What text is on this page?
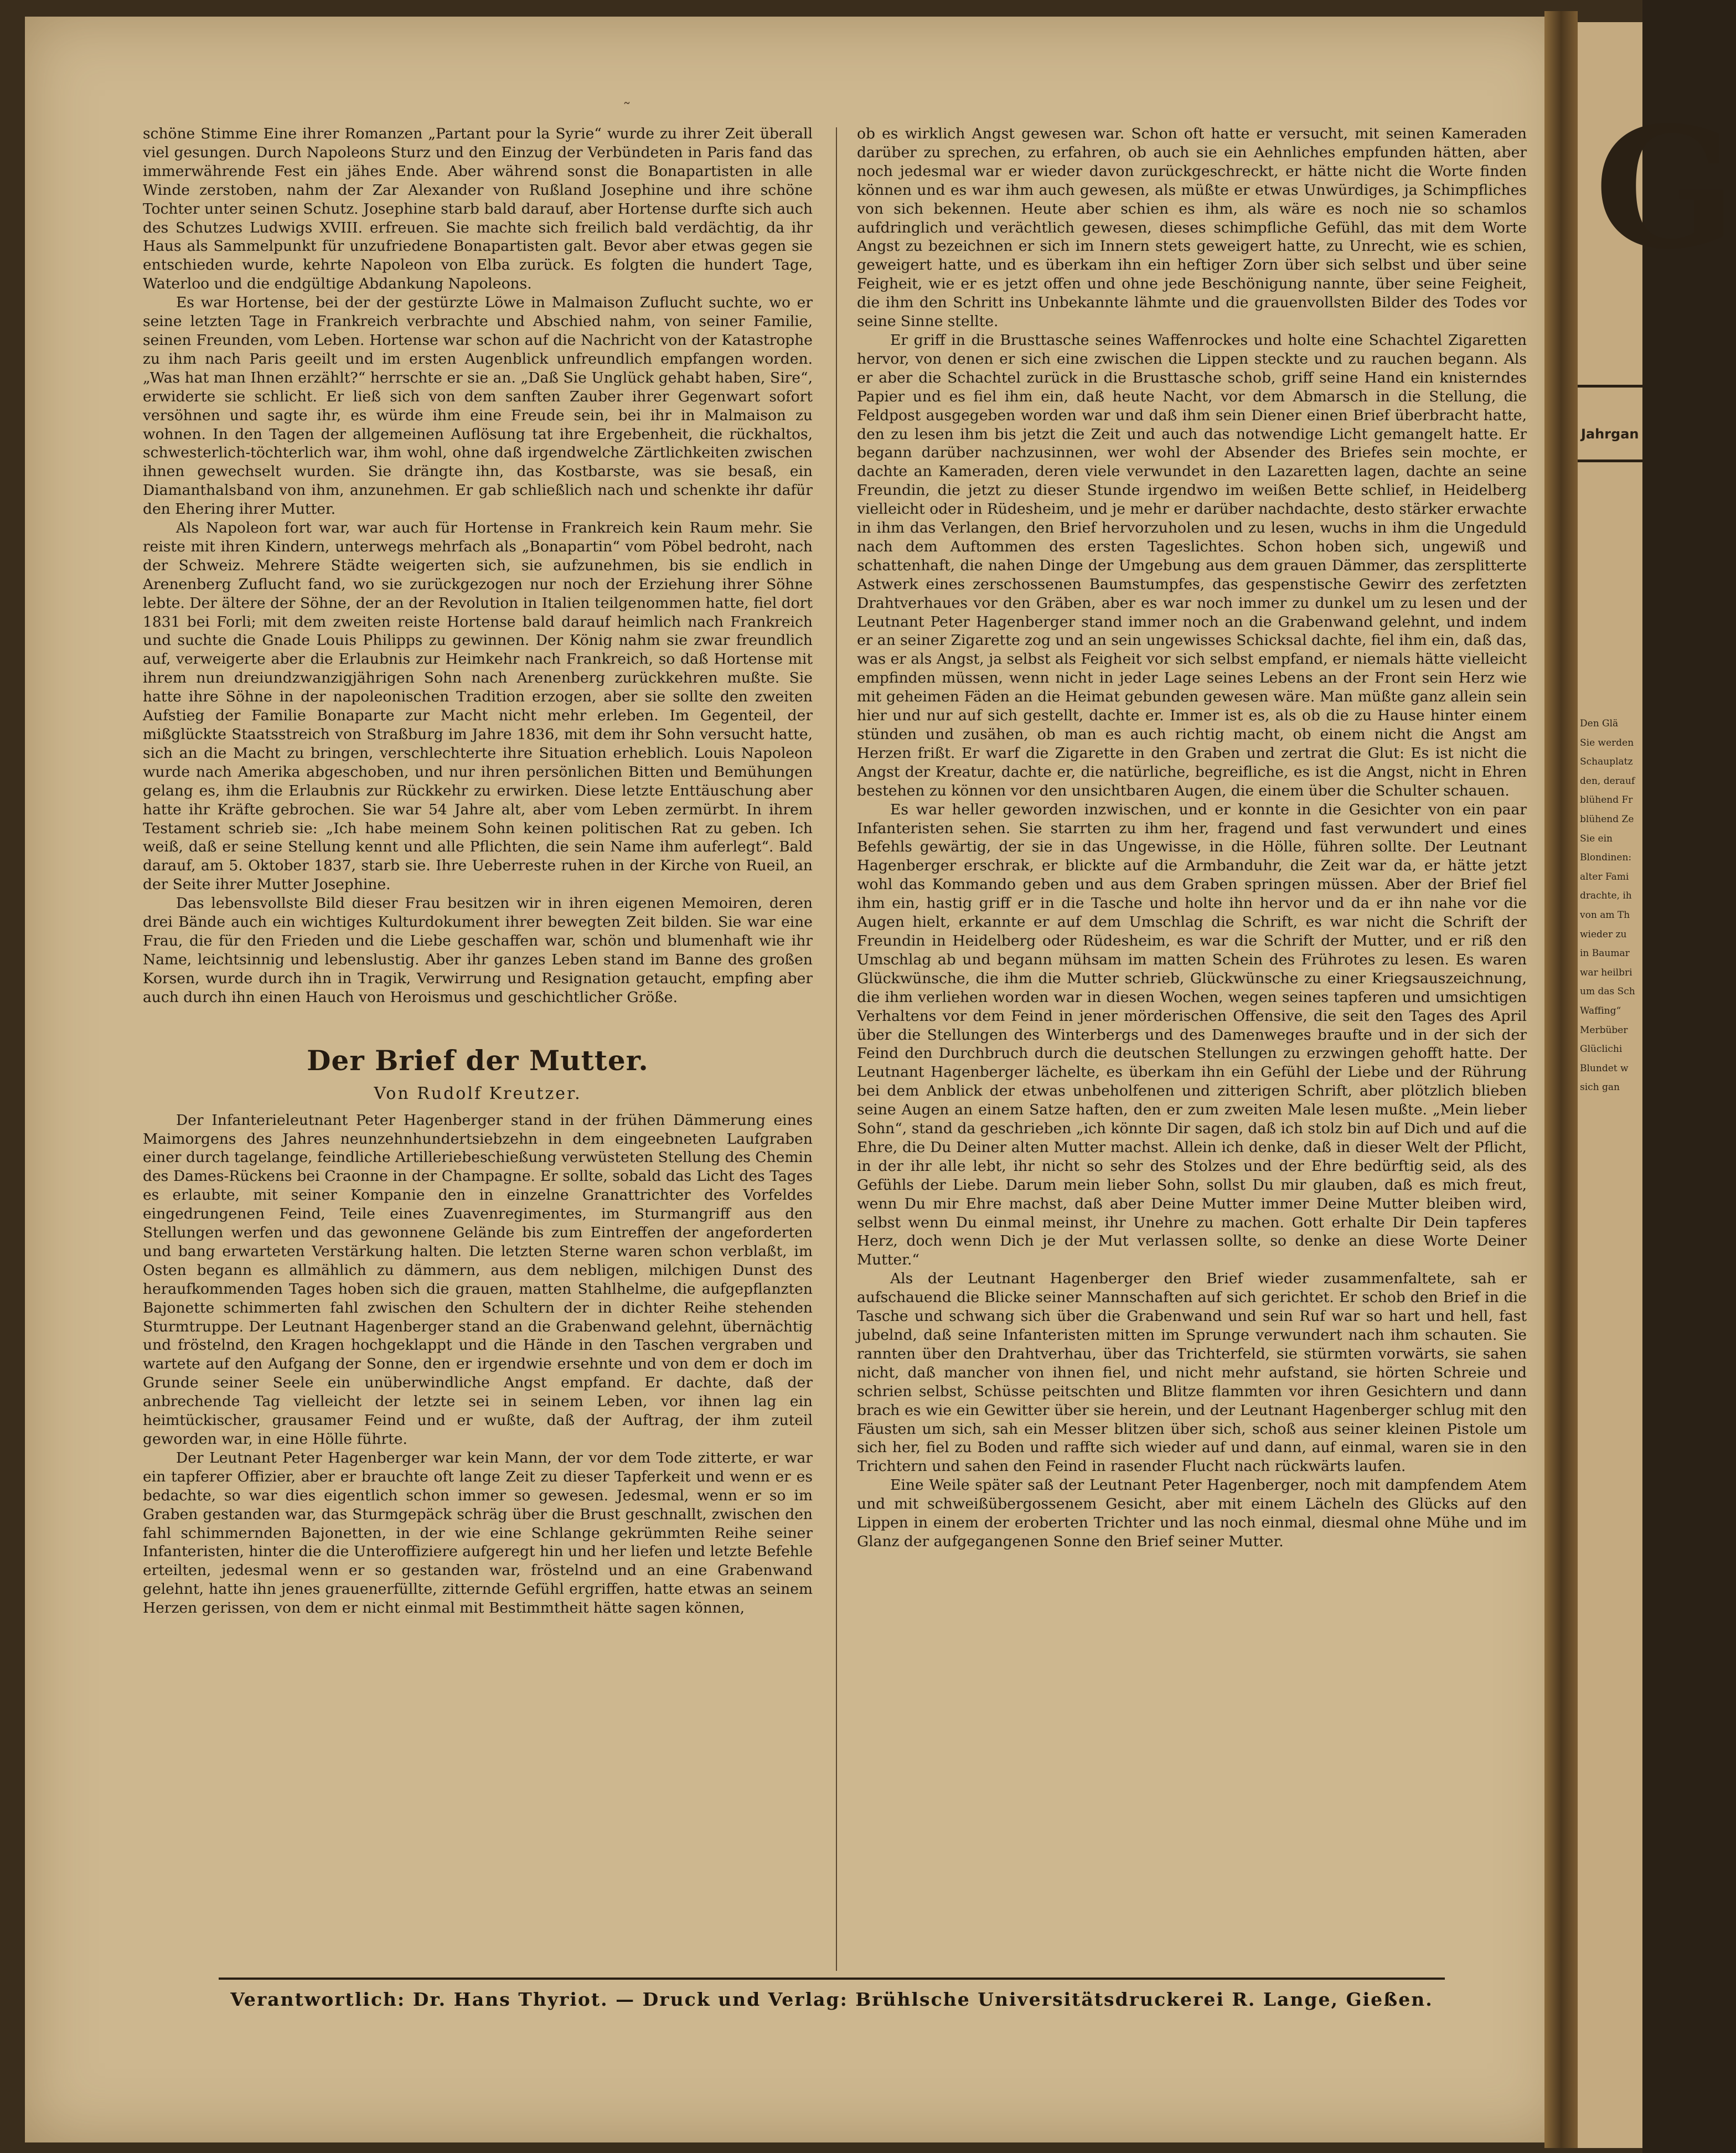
G
Jahrgan
Den Glä
Sie werden
Schauplatz
den, derauf
blühend Fr
blühend Ze
Sie ein
Blondinen:
alter Fami
drachte, ih
von am Th
wieder zu
in Baumar
war heilbri
um das Sch
Waffing“
Merbüber
Glüclichi
Blundet w
sich gan
˜

schöne Stimme Eine ihrer Romanzen „Partant pour la Syrie“ wurde zu ihrer Zeit überall viel gesungen. Durch Napoleons Sturz und den Einzug der Verbündeten in Paris fand das immerwährende Fest ein jähes Ende. Aber während sonst die Bonapartisten in alle Winde zerstoben, nahm der Zar Alexander von Rußland Josephine und ihre schöne Tochter unter seinen Schutz. Josephine starb bald darauf, aber Hortense durfte sich auch des Schutzes Ludwigs XVIII. erfreuen. Sie machte sich freilich bald verdächtig, da ihr Haus als Sammelpunkt für unzufriedene Bonapartisten galt. Bevor aber etwas gegen sie entschieden wurde, kehrte Napoleon von Elba zurück. Es folgten die hundert Tage, Waterloo und die endgültige Abdankung Napoleons.

Es war Hortense, bei der der gestürzte Löwe in Malmaison Zuflucht suchte, wo er seine letzten Tage in Frankreich verbrachte und Abschied nahm, von seiner Familie, seinen Freunden, vom Leben. Hortense war schon auf die Nachricht von der Katastrophe zu ihm nach Paris geeilt und im ersten Augenblick unfreundlich empfangen worden. „Was hat man Ihnen erzählt?“ herrschte er sie an. „Daß Sie Unglück gehabt haben, Sire“, erwiderte sie schlicht. Er ließ sich von dem sanften Zauber ihrer Gegenwart sofort versöhnen und sagte ihr, es würde ihm eine Freude sein, bei ihr in Malmaison zu wohnen. In den Tagen der allgemeinen Auflösung tat ihre Ergebenheit, die rückhaltos, schwesterlich-töchterlich war, ihm wohl, ohne daß irgendwelche Zärtlichkeiten zwischen ihnen gewechselt wurden. Sie drängte ihn, das Kostbarste, was sie besaß, ein Diamanthalsband von ihm, anzunehmen. Er gab schließlich nach und schenkte ihr dafür den Ehering ihrer Mutter.

Als Napoleon fort war, war auch für Hortense in Frankreich kein Raum mehr. Sie reiste mit ihren Kindern, unterwegs mehrfach als „Bonapartin“ vom Pöbel bedroht, nach der Schweiz. Mehrere Städte weigerten sich, sie aufzunehmen, bis sie endlich in Arenenberg Zuflucht fand, wo sie zurückgezogen nur noch der Erziehung ihrer Söhne lebte. Der ältere der Söhne, der an der Revolution in Italien teilgenommen hatte, fiel dort 1831 bei Forli; mit dem zweiten reiste Hortense bald darauf heimlich nach Frankreich und suchte die Gnade Louis Philipps zu gewinnen. Der König nahm sie zwar freundlich auf, verweigerte aber die Erlaubnis zur Heimkehr nach Frankreich, so daß Hortense mit ihrem nun dreiundzwanzigjährigen Sohn nach Arenenberg zurückkehren mußte. Sie hatte ihre Söhne in der napoleonischen Tradition erzogen, aber sie sollte den zweiten Aufstieg der Familie Bonaparte zur Macht nicht mehr erleben. Im Gegenteil, der mißglückte Staatsstreich von Straßburg im Jahre 1836, mit dem ihr Sohn versucht hatte, sich an die Macht zu bringen, verschlechterte ihre Situation erheblich. Louis Napoleon wurde nach Amerika abgeschoben, und nur ihren persönlichen Bitten und Bemühungen gelang es, ihm die Erlaubnis zur Rückkehr zu erwirken. Diese letzte Enttäuschung aber hatte ihr Kräfte gebrochen. Sie war 54 Jahre alt, aber vom Leben zermürbt. In ihrem Testament schrieb sie: „Ich habe meinem Sohn keinen politischen Rat zu geben. Ich weiß, daß er seine Stellung kennt und alle Pflichten, die sein Name ihm auferlegt“. Bald darauf, am 5. Oktober 1837, starb sie. Ihre Ueberreste ruhen in der Kirche von Rueil, an der Seite ihrer Mutter Josephine.

Das lebensvollste Bild dieser Frau besitzen wir in ihren eigenen Memoiren, deren drei Bände auch ein wichtiges Kulturdokument ihrer bewegten Zeit bilden. Sie war eine Frau, die für den Frieden und die Liebe geschaffen war, schön und blumenhaft wie ihr Name, leichtsinnig und lebenslustig. Aber ihr ganzes Leben stand im Banne des großen Korsen, wurde durch ihn in Tragik, Verwirrung und Resignation getaucht, empfing aber auch durch ihn einen Hauch von Heroismus und geschichtlicher Größe.

Der Brief der Mutter.
Von Rudolf Kreutzer.

Der Infanterieleutnant Peter Hagenberger stand in der frühen Dämmerung eines Maimorgens des Jahres neunzehnhundertsiebzehn in dem eingeebneten Laufgraben einer durch tagelange, feindliche Artilleriebeschießung verwüsteten Stellung des Chemin des Dames-Rückens bei Craonne in der Champagne. Er sollte, sobald das Licht des Tages es erlaubte, mit seiner Kompanie den in einzelne Granattrichter des Vorfeldes eingedrungenen Feind, Teile eines Zuavenregimentes, im Sturmangriff aus den Stellungen werfen und das gewonnene Gelände bis zum Eintreffen der angeforderten und bang erwarteten Verstärkung halten. Die letzten Sterne waren schon verblaßt, im Osten begann es allmählich zu dämmern, aus dem nebligen, milchigen Dunst des heraufkommenden Tages hoben sich die grauen, matten Stahlhelme, die aufgepflanzten Bajonette schimmerten fahl zwischen den Schultern der in dichter Reihe stehenden Sturmtruppe. Der Leutnant Hagenberger stand an die Grabenwand gelehnt, übernächtig und fröstelnd, den Kragen hochgeklappt und die Hände in den Taschen vergraben und wartete auf den Aufgang der Sonne, den er irgendwie ersehnte und von dem er doch im Grunde seiner Seele ein unüberwindliche Angst empfand. Er dachte, daß der anbrechende Tag vielleicht der letzte sei in seinem Leben, vor ihnen lag ein heimtückischer, grausamer Feind und er wußte, daß der Auftrag, der ihm zuteil geworden war, in eine Hölle führte.

Der Leutnant Peter Hagenberger war kein Mann, der vor dem Tode zitterte, er war ein tapferer Offizier, aber er brauchte oft lange Zeit zu dieser Tapferkeit und wenn er es bedachte, so war dies eigentlich schon immer so gewesen. Jedesmal, wenn er so im Graben gestanden war, das Sturmgepäck schräg über die Brust geschnallt, zwischen den fahl schimmernden Bajonetten, in der wie eine Schlange gekrümmten Reihe seiner Infanteristen, hinter die die Unteroffiziere aufgeregt hin und her liefen und letzte Befehle erteilten, jedesmal wenn er so gestanden war, fröstelnd und an eine Grabenwand gelehnt, hatte ihn jenes grauenerfüllte, zitternde Gefühl ergriffen, hatte etwas an seinem Herzen gerissen, von dem er nicht einmal mit Bestimmtheit hätte sagen können,

ob es wirklich Angst gewesen war. Schon oft hatte er versucht, mit seinen Kameraden darüber zu sprechen, zu erfahren, ob auch sie ein Aehnliches empfunden hätten, aber noch jedesmal war er wieder davon zurückgeschreckt, er hätte nicht die Worte finden können und es war ihm auch gewesen, als müßte er etwas Unwürdiges, ja Schimpfliches von sich bekennen. Heute aber schien es ihm, als wäre es noch nie so schamlos aufdringlich und verächtlich gewesen, dieses schimpfliche Gefühl, das mit dem Worte Angst zu bezeichnen er sich im Innern stets geweigert hatte, zu Unrecht, wie es schien, geweigert hatte, und es überkam ihn ein heftiger Zorn über sich selbst und über seine Feigheit, wie er es jetzt offen und ohne jede Beschönigung nannte, über seine Feigheit, die ihm den Schritt ins Unbekannte lähmte und die grauenvollsten Bilder des Todes vor seine Sinne stellte.

Er griff in die Brusttasche seines Waffenrockes und holte eine Schachtel Zigaretten hervor, von denen er sich eine zwischen die Lippen steckte und zu rauchen begann. Als er aber die Schachtel zurück in die Brusttasche schob, griff seine Hand ein knisterndes Papier und es fiel ihm ein, daß heute Nacht, vor dem Abmarsch in die Stellung, die Feldpost ausgegeben worden war und daß ihm sein Diener einen Brief überbracht hatte, den zu lesen ihm bis jetzt die Zeit und auch das notwendige Licht gemangelt hatte. Er begann darüber nachzusinnen, wer wohl der Absender des Briefes sein mochte, er dachte an Kameraden, deren viele verwundet in den Lazaretten lagen, dachte an seine Freundin, die jetzt zu dieser Stunde irgendwo im weißen Bette schlief, in Heidelberg vielleicht oder in Rüdesheim, und je mehr er darüber nachdachte, desto stärker erwachte in ihm das Verlangen, den Brief hervorzuholen und zu lesen, wuchs in ihm die Ungeduld nach dem Auftommen des ersten Tageslichtes. Schon hoben sich, ungewiß und schattenhaft, die nahen Dinge der Umgebung aus dem grauen Dämmer, das zersplitterte Astwerk eines zerschossenen Baumstumpfes, das gespenstische Gewirr des zerfetzten Drahtverhaues vor den Gräben, aber es war noch immer zu dunkel um zu lesen und der Leutnant Peter Hagenberger stand immer noch an die Grabenwand gelehnt, und indem er an seiner Zigarette zog und an sein ungewisses Schicksal dachte, fiel ihm ein, daß das, was er als Angst, ja selbst als Feigheit vor sich selbst empfand, er niemals hätte vielleicht empfinden müssen, wenn nicht in jeder Lage seines Lebens an der Front sein Herz wie mit geheimen Fäden an die Heimat gebunden gewesen wäre. Man müßte ganz allein sein hier und nur auf sich gestellt, dachte er. Immer ist es, als ob die zu Hause hinter einem stünden und zusähen, ob man es auch richtig macht, ob einem nicht die Angst am Herzen frißt. Er warf die Zigarette in den Graben und zertrat die Glut: Es ist nicht die Angst der Kreatur, dachte er, die natürliche, begreifliche, es ist die Angst, nicht in Ehren bestehen zu können vor den unsichtbaren Augen, die einem über die Schulter schauen.

Es war heller geworden inzwischen, und er konnte in die Gesichter von ein paar Infanteristen sehen. Sie starrten zu ihm her, fragend und fast verwundert und eines Befehls gewärtig, der sie in das Ungewisse, in die Hölle, führen sollte. Der Leutnant Hagenberger erschrak, er blickte auf die Armbanduhr, die Zeit war da, er hätte jetzt wohl das Kommando geben und aus dem Graben springen müssen. Aber der Brief fiel ihm ein, hastig griff er in die Tasche und holte ihn hervor und da er ihn nahe vor die Augen hielt, erkannte er auf dem Umschlag die Schrift, es war nicht die Schrift der Freundin in Heidelberg oder Rüdesheim, es war die Schrift der Mutter, und er riß den Umschlag ab und begann mühsam im matten Schein des Frührotes zu lesen. Es waren Glückwünsche, die ihm die Mutter schrieb, Glückwünsche zu einer Kriegsauszeichnung, die ihm verliehen worden war in diesen Wochen, wegen seines tapferen und umsichtigen Verhaltens vor dem Feind in jener mörderischen Offensive, die seit den Tages des April über die Stellungen des Winterbergs und des Damenweges braufte und in der sich der Feind den Durchbruch durch die deutschen Stellungen zu erzwingen gehofft hatte. Der Leutnant Hagenberger lächelte, es überkam ihn ein Gefühl der Liebe und der Rührung bei dem Anblick der etwas unbeholfenen und zitterigen Schrift, aber plötzlich blieben seine Augen an einem Satze haften, den er zum zweiten Male lesen mußte. „Mein lieber Sohn“, stand da geschrieben „ich könnte Dir sagen, daß ich stolz bin auf Dich und auf die Ehre, die Du Deiner alten Mutter machst. Allein ich denke, daß in dieser Welt der Pflicht, in der ihr alle lebt, ihr nicht so sehr des Stolzes und der Ehre bedürftig seid, als des Gefühls der Liebe. Darum mein lieber Sohn, sollst Du mir glauben, daß es mich freut, wenn Du mir Ehre machst, daß aber Deine Mutter immer Deine Mutter bleiben wird, selbst wenn Du einmal meinst, ihr Unehre zu machen. Gott erhalte Dir Dein tapferes Herz, doch wenn Dich je der Mut verlassen sollte, so denke an diese Worte Deiner Mutter.“

Als der Leutnant Hagenberger den Brief wieder zusammenfaltete, sah er aufschauend die Blicke seiner Mannschaften auf sich gerichtet. Er schob den Brief in die Tasche und schwang sich über die Grabenwand und sein Ruf war so hart und hell, fast jubelnd, daß seine Infanteristen mitten im Sprunge verwundert nach ihm schauten. Sie rannten über den Drahtverhau, über das Trichterfeld, sie stürmten vorwärts, sie sahen nicht, daß mancher von ihnen fiel, und nicht mehr aufstand, sie hörten Schreie und schrien selbst, Schüsse peitschten und Blitze flammten vor ihren Gesichtern und dann brach es wie ein Gewitter über sie herein, und der Leutnant Hagenberger schlug mit den Fäusten um sich, sah ein Messer blitzen über sich, schoß aus seiner kleinen Pistole um sich her, fiel zu Boden und raffte sich wieder auf und dann, auf einmal, waren sie in den Trichtern und sahen den Feind in rasender Flucht nach rückwärts laufen.

Eine Weile später saß der Leutnant Peter Hagenberger, noch mit dampfendem Atem und mit schweißübergossenem Gesicht, aber mit einem Lächeln des Glücks auf den Lippen in einem der eroberten Trichter und las noch einmal, diesmal ohne Mühe und im Glanz der aufgegangenen Sonne den Brief seiner Mutter.

Verantwortlich: Dr. Hans Thyriot. — Druck und Verlag: Brühlsche Universitätsdruckerei R. Lange, Gießen.
